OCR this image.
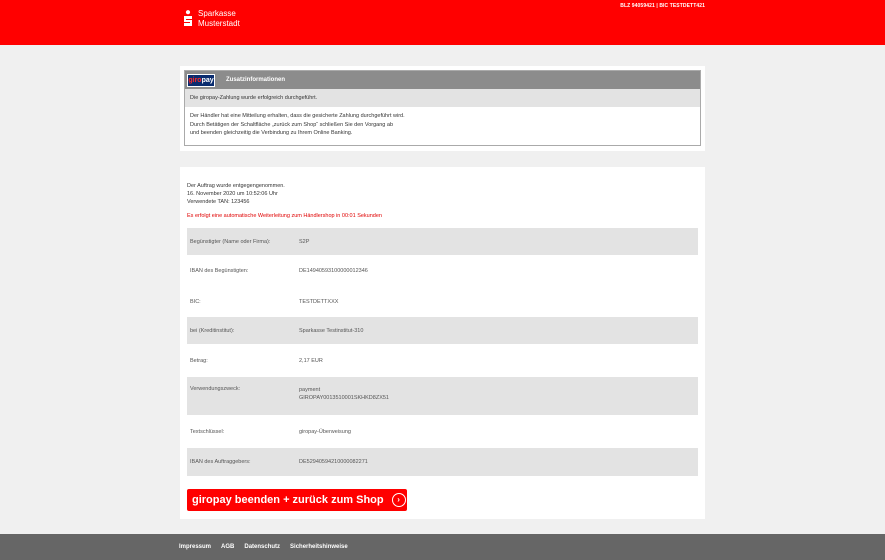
Sparkasse
Musterstadt
BLZ 94059421 | BIC TESTDETT421
giro pay Zusatzinformationen
Die giropay-Zahlung wurde erfolgreich durchgeführt.
Der Händler hat eine Mitteilung erhalten, dass die gesicherte Zahlung durchgeführt wird.
Durch Betätigen der Schaltfläche „zurück zum Shop“ schließen Sie den Vorgang ab
und beenden gleichzeitig die Verbindung zu Ihrem Online Banking.
Der Auftrag wurde entgegengenommen.
16. November 2020 um 10:52:06 Uhr
Verwendete TAN: 123456
Es erfolgt eine automatische Weiterleitung zum Händlershop in 00:01 Sekunden
Begünstigter (Name oder Firma):	S2P
IBAN des Begünstigten:	DE14940593100000012346
BIC:	TESTDETTXXX
bei (Kreditinstitut):	Sparkasse Testinstitut-310
Betrag:	2,17 EUR
Verwendungszweck:	payment
GIROPAY0013510001SKHKD8ZX51
Textschlüssel:	giropay-Überweisung
IBAN des Auftraggebers:	DE52940594210000082271
giropay beenden + zurück zum Shop	›
Impressum AGB Datenschutz Sicherheitshinweise
